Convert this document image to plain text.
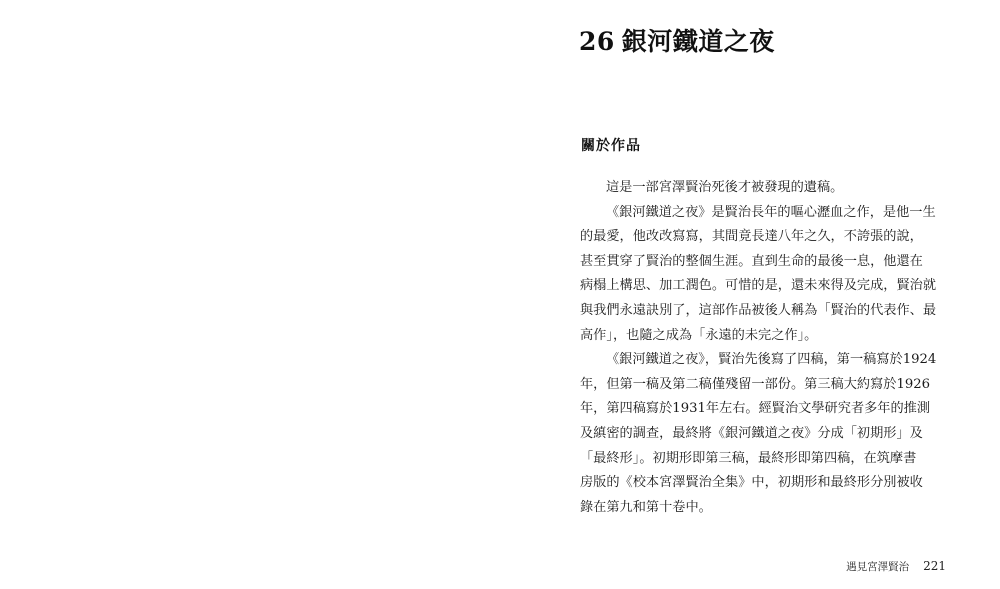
26 銀河鐵道之夜
關於作品
這是一部宮澤賢治死後才被發現的遺稿。
《銀河鐵道之夜》是賢治長年的嘔心瀝血之作，是他一生
的最愛，他改改寫寫，其間竟長達八年之久，不誇張的說，
甚至貫穿了賢治的整個生涯。直到生命的最後一息，他還在
病榻上構思、加工潤色。可惜的是，還未來得及完成，賢治就
與我們永遠訣別了，這部作品被後人稱為「賢治的代表作、最
高作」，也隨之成為「永遠的未完之作」。
《銀河鐵道之夜》，賢治先後寫了四稿，第一稿寫於1924
年，但第一稿及第二稿僅殘留一部份。第三稿大約寫於1926
年，第四稿寫於1931年左右。經賢治文學研究者多年的推測
及縝密的調查，最終將《銀河鐵道之夜》分成「初期形」及
「最終形」。初期形即第三稿，最終形即第四稿，在筑摩書
房版的《校本宮澤賢治全集》中，初期形和最終形分別被收
錄在第九和第十卷中。
遇見宮澤賢治 221
